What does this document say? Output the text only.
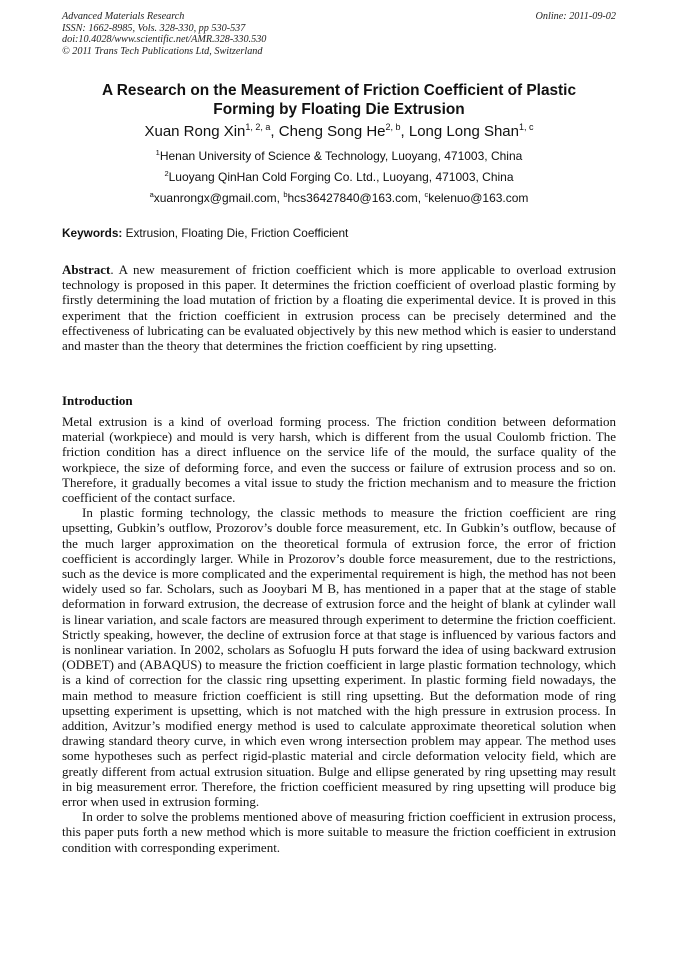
Advanced Materials Research
ISSN: 1662-8985, Vols. 328-330, pp 530-537
doi:10.4028/www.scientific.net/AMR.328-330.530
© 2011 Trans Tech Publications Ltd, Switzerland
Online: 2011-09-02
A Research on the Measurement of Friction Coefficient of Plastic
Forming by Floating Die Extrusion
Xuan Rong Xin$^{1, 2, a}$, Cheng Song He$^{2, b}$, Long Long Shan$^{1, c}$
$^1$Henan University of Science & Technology, Luoyang, 471003, China
$^2$Luoyang QinHan Cold Forging Co. Ltd., Luoyang, 471003, China
$^a$xuanrongx@gmail.com, $^b$hcs36427840@163.com, $^c$kelenuo@163.com
Keywords: Extrusion, Floating Die, Friction Coefficient
Abstract. A new measurement of friction coefficient which is more applicable to overload extrusion technology is proposed in this paper. It determines the friction coefficient of overload plastic forming by firstly determining the load mutation of friction by a floating die experimental device. It is proved in this experiment that the friction coefficient in extrusion process can be precisely determined and the effectiveness of lubricating can be evaluated objectively by this new method which is easier to understand and master than the theory that determines the friction coefficient by ring upsetting.
Introduction

Metal extrusion is a kind of overload forming process. The friction condition between deformation material (workpiece) and mould is very harsh, which is different from the usual Coulomb friction. The friction condition has a direct influence on the service life of the mould, the surface quality of the workpiece, the size of deforming force, and even the success or failure of extrusion process and so on. Therefore, it gradually becomes a vital issue to study the friction mechanism and to measure the friction coefficient of the contact surface.

In plastic forming technology, the classic methods to measure the friction coefficient are ring upsetting, Gubkin’s outflow, Prozorov’s double force measurement, etc. In Gubkin’s outflow, because of the much larger approximation on the theoretical formula of extrusion force, the error of friction coefficient is accordingly larger. While in Prozorov’s double force measurement, due to the restrictions, such as the device is more complicated and the experimental requirement is high, the method has not been widely used so far. Scholars, such as Jooybari M B, has mentioned in a paper that at the stage of stable deformation in forward extrusion, the decrease of extrusion force and the height of blank at cylinder wall is linear variation, and scale factors are measured through experiment to determine the friction coefficient. Strictly speaking, however, the decline of extrusion force at that stage is influenced by various factors and is nonlinear variation. In 2002, scholars as Sofuoglu H puts forward the idea of using backward extrusion (ODBET) and (ABAQUS) to measure the friction coefficient in large plastic formation technology, which is a kind of correction for the classic ring upsetting experiment. In plastic forming field nowadays, the main method to measure friction coefficient is still ring upsetting. But the deformation mode of ring upsetting experiment is upsetting, which is not matched with the high pressure in extrusion process. In addition, Avitzur’s modified energy method is used to calculate approximate theoretical solution when drawing standard theory curve, in which even wrong intersection problem may appear. The method uses some hypotheses such as perfect rigid-plastic material and circle deformation velocity field, which are greatly different from actual extrusion situation. Bulge and ellipse generated by ring upsetting may result in big measurement error. Therefore, the friction coefficient measured by ring upsetting will produce big error when used in extrusion forming.

In order to solve the problems mentioned above of measuring friction coefficient in extrusion process, this paper puts forth a new method which is more suitable to measure the friction coefficient in extrusion condition with corresponding experiment.
